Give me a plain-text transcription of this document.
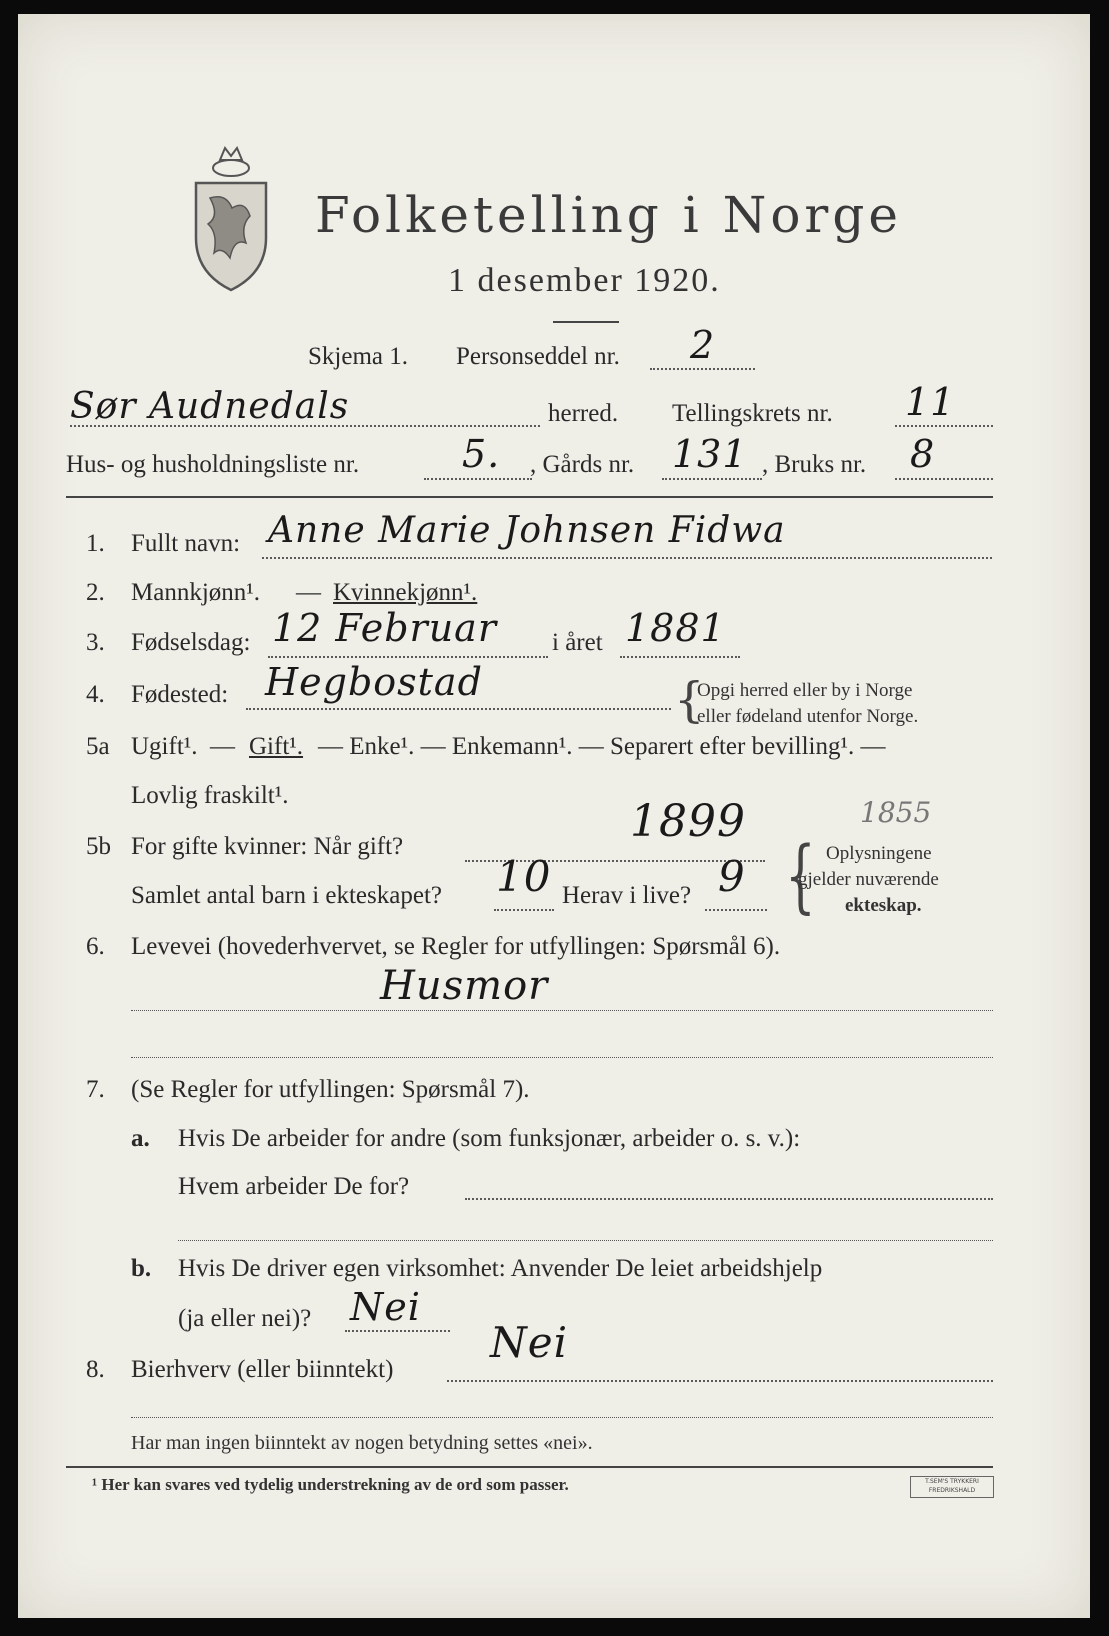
Folketelling i Norge
1 desember 1920.
Skjema 1. Personseddel nr. 2
Sør Audnedals	herred. Tellingskrets nr. 11
Hus- og husholdningsliste nr.	5. , Gårds nr. 131 , Bruks nr. 8
1. Fullt navn: Anne Marie Johnsen Fidwa
2. Mannkjønn¹. — Kvinnekjønn¹.
3. Fødselsdag: 12 Februar i året 1881
4. Fødested: Hegbostad	{
Opgi herred eller by i Norge
eller fødeland utenfor Norge.
5a Ugift¹. — Gift¹. — Enke¹. — Enkemann¹. — Separert efter bevilling¹. —
Lovlig fraskilt¹.
5b For gifte kvinner: Når gift?	1899	1855
Samlet antal barn i ekteskapet? 10 Herav i live? 9 { Oplysningene
gjelder nuværende
ekteskap.
6. Levevei (hovederhvervet, se Regler for utfyllingen: Spørsmål 6).
Husmor
7. (Se Regler for utfyllingen: Spørsmål 7).
a. Hvis De arbeider for andre (som funksjonær, arbeider o. s. v.):
Hvem arbeider De for?
b. Hvis De driver egen virksomhet: Anvender De leiet arbeidshjelp
(ja eller nei)? Nei
8. Bierhverv (eller biinntekt)
Nei
Har man ingen biinntekt av nogen betydning settes «nei».
¹ Her kan svares ved tydelig understrekning av de ord som passer.	T.SEM'S TRYKKERI FREDRIKSHALD
